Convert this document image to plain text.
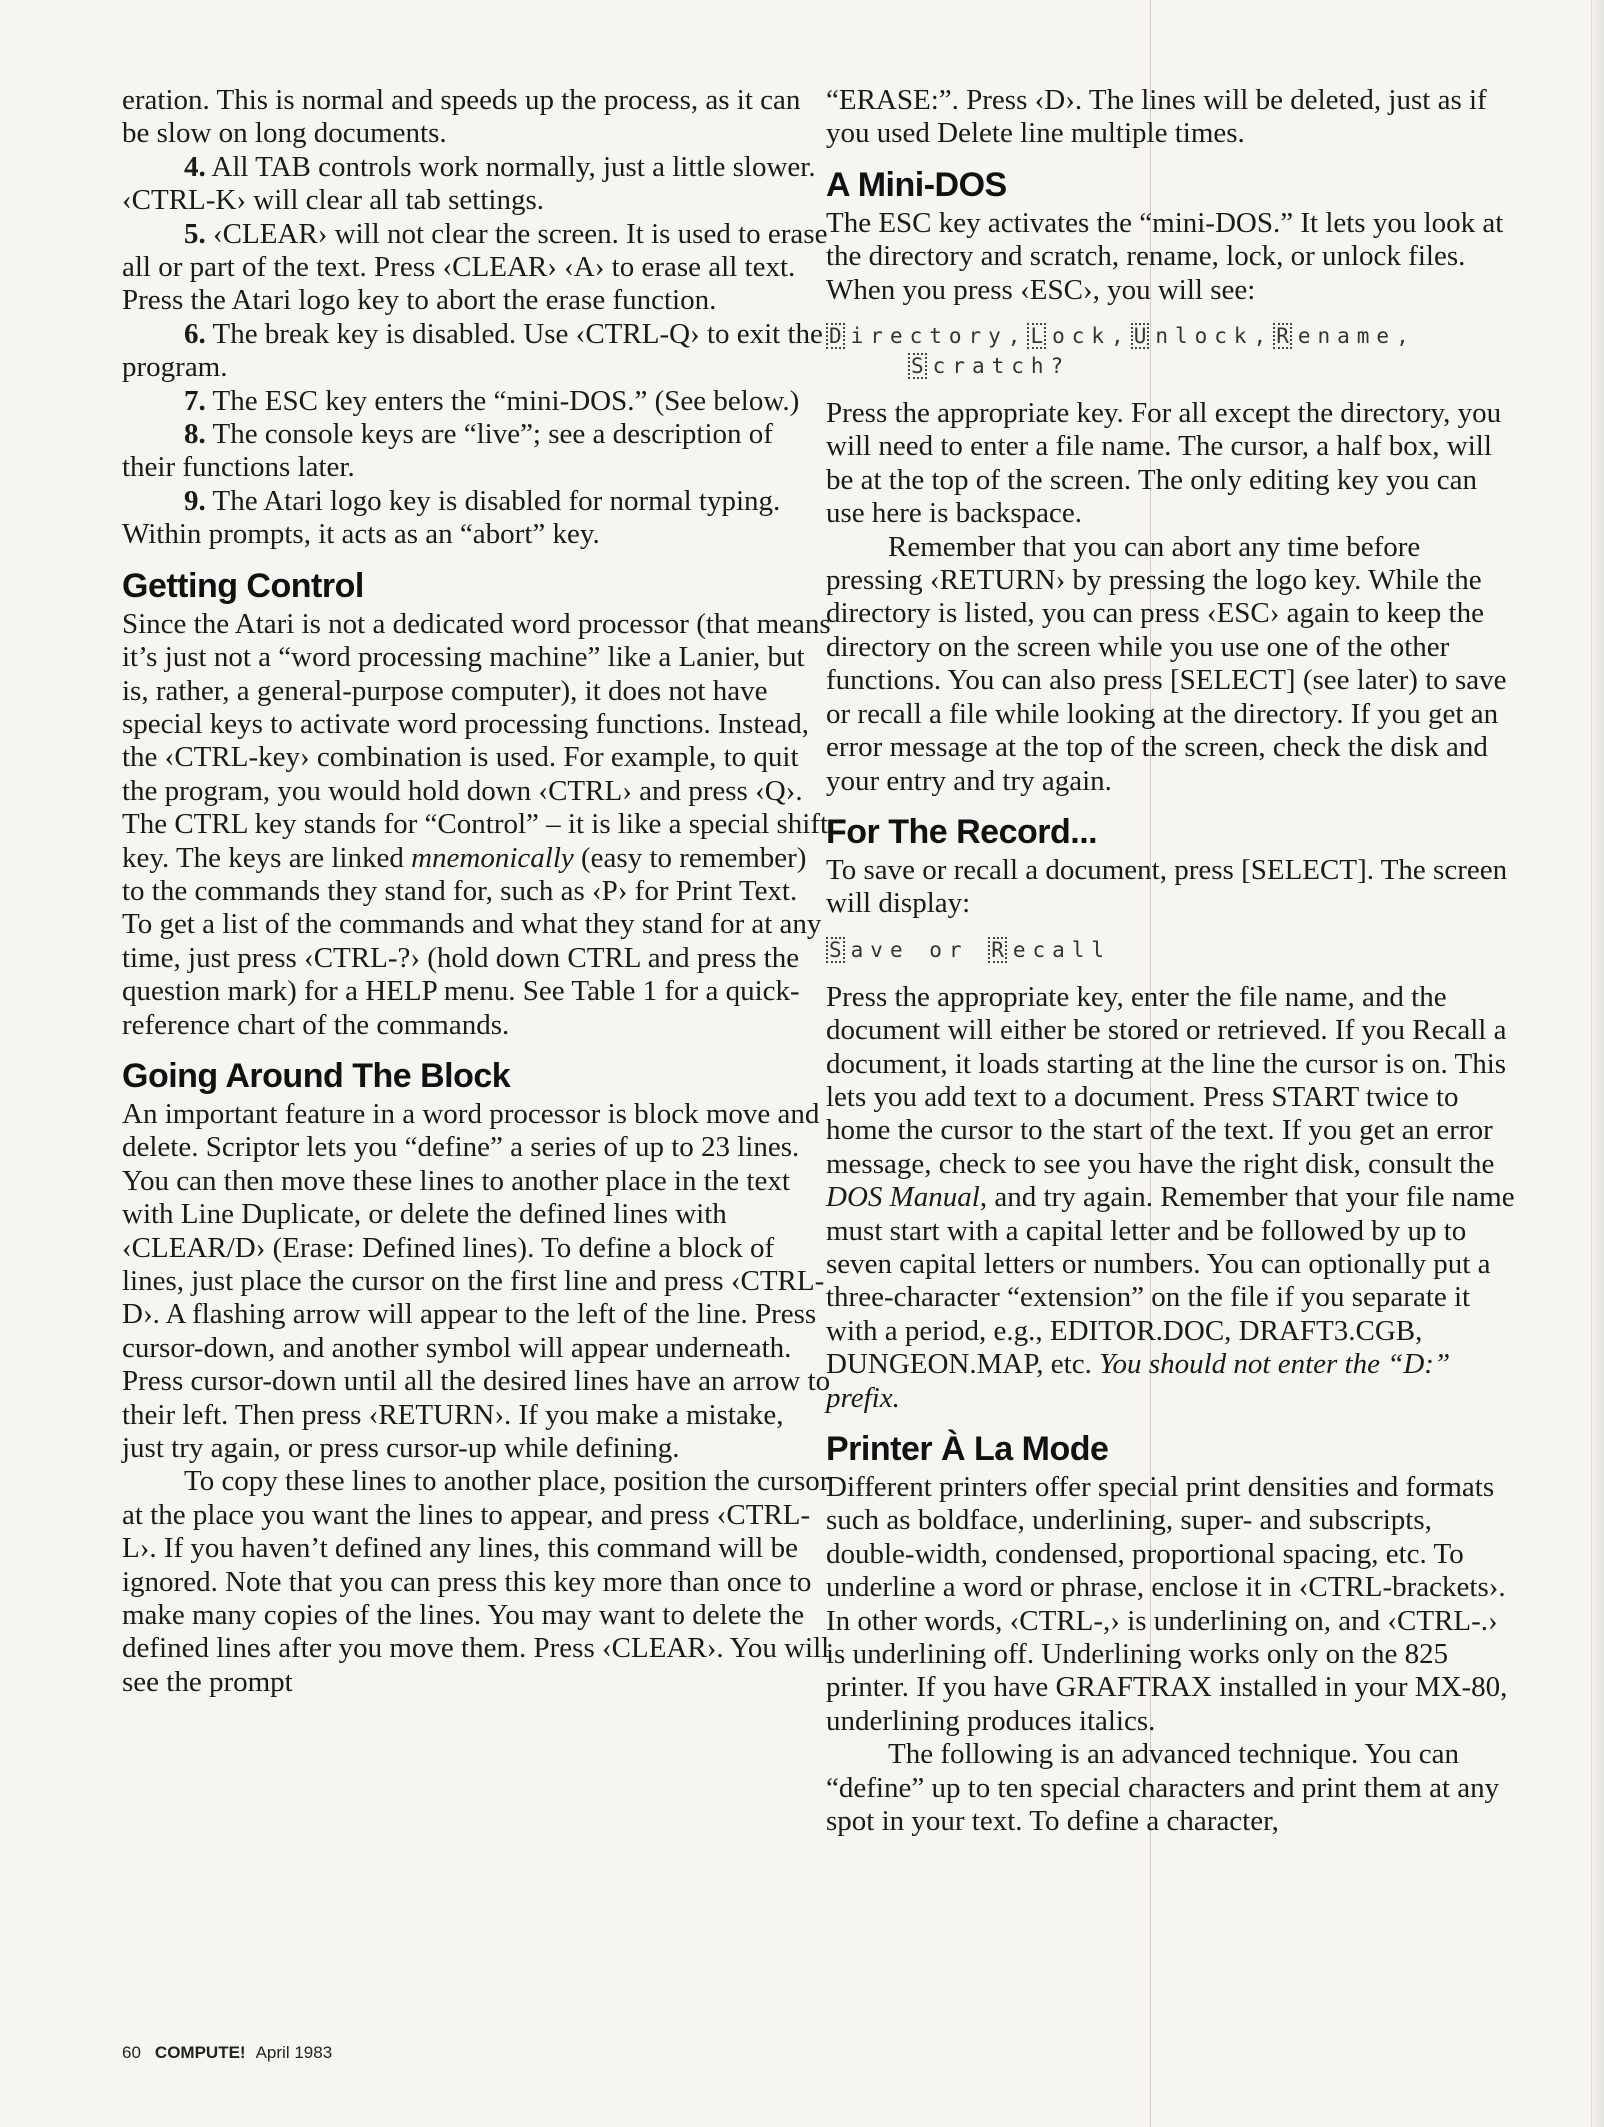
eration. This is normal and speeds up the process, as it can be slow on long documents.

4. All TAB controls work normally, just a little slower. ‹CTRL-K› will clear all tab settings.

5. ‹CLEAR› will not clear the screen. It is used to erase all or part of the text. Press ‹CLEAR› ‹A› to erase all text. Press the Atari logo key to abort the erase function.

6. The break key is disabled. Use ‹CTRL-Q› to exit the program.

7. The ESC key enters the “mini-DOS.” (See below.)

8. The console keys are “live”; see a description of their functions later.

9. The Atari logo key is disabled for normal typing. Within prompts, it acts as an “abort” key.

Getting Control

Since the Atari is not a dedicated word processor (that means it’s just not a “word processing machine” like a Lanier, but is, rather, a general-purpose computer), it does not have special keys to activate word processing functions. Instead, the ‹CTRL-key› combination is used. For example, to quit the program, you would hold down ‹CTRL› and press ‹Q›. The CTRL key stands for “Control” – it is like a special shift key. The keys are linked mnemonically (easy to remember) to the commands they stand for, such as ‹P› for Print Text. To get a list of the commands and what they stand for at any time, just press ‹CTRL-?› (hold down CTRL and press the question mark) for a HELP menu. See Table 1 for a quick-reference chart of the commands.

Going Around The Block

An important feature in a word processor is block move and delete. Scriptor lets you “define” a series of up to 23 lines. You can then move these lines to another place in the text with Line Duplicate, or delete the defined lines with ‹CLEAR/D› (Erase: Defined lines). To define a block of lines, just place the cursor on the first line and press ‹CTRL-D›. A flashing arrow will appear to the left of the line. Press cursor-down, and another symbol will appear underneath. Press cursor-down until all the desired lines have an arrow to their left. Then press ‹RETURN›. If you make a mistake, just try again, or press cursor-up while defining.

To copy these lines to another place, position the cursor at the place you want the lines to appear, and press ‹CTRL-L›. If you haven’t defined any lines, this command will be ignored. Note that you can press this key more than once to make many copies of the lines. You may want to delete the defined lines after you move them. Press ‹CLEAR›. You will see the prompt

“ERASE:”. Press ‹D›. The lines will be deleted, just as if you used Delete line multiple times.

A Mini-DOS

The ESC key activates the “mini-DOS.” It lets you look at the directory and scratch, rename, lock, or unlock files. When you press ‹ESC›, you will see:

D irectory, L ock, U nlock, R ename,
S cratch?

Press the appropriate key. For all except the directory, you will need to enter a file name. The cursor, a half box, will be at the top of the screen. The only editing key you can use here is backspace.

Remember that you can abort any time before pressing ‹RETURN› by pressing the logo key. While the directory is listed, you can press ‹ESC› again to keep the directory on the screen while you use one of the other functions. You can also press [SELECT] (see later) to save or recall a file while looking at the directory. If you get an error message at the top of the screen, check the disk and your entry and try again.

For The Record...

To save or recall a document, press [SELECT]. The screen will display:

S ave or R ecall

Press the appropriate key, enter the file name, and the document will either be stored or retrieved. If you Recall a document, it loads starting at the line the cursor is on. This lets you add text to a document. Press START twice to home the cursor to the start of the text. If you get an error message, check to see you have the right disk, consult the DOS Manual, and try again. Remember that your file name must start with a capital letter and be followed by up to seven capital letters or numbers. You can optionally put a three-character “extension” on the file if you separate it with a period, e.g., EDITOR.DOC, DRAFT3.CGB, DUNGEON.MAP, etc. You should not enter the “D:” prefix.

Printer À La Mode

Different printers offer special print densities and formats such as boldface, underlining, super- and subscripts, double-width, condensed, proportional spacing, etc. To underline a word or phrase, enclose it in ‹CTRL-brackets›. In other words, ‹CTRL-,› is underlining on, and ‹CTRL-.› is underlining off. Underlining works only on the 825 printer. If you have GRAFTRAX installed in your MX-80, underlining produces italics.

The following is an advanced technique. You can “define” up to ten special characters and print them at any spot in your text. To define a character,

60 COMPUTE! April 1983
